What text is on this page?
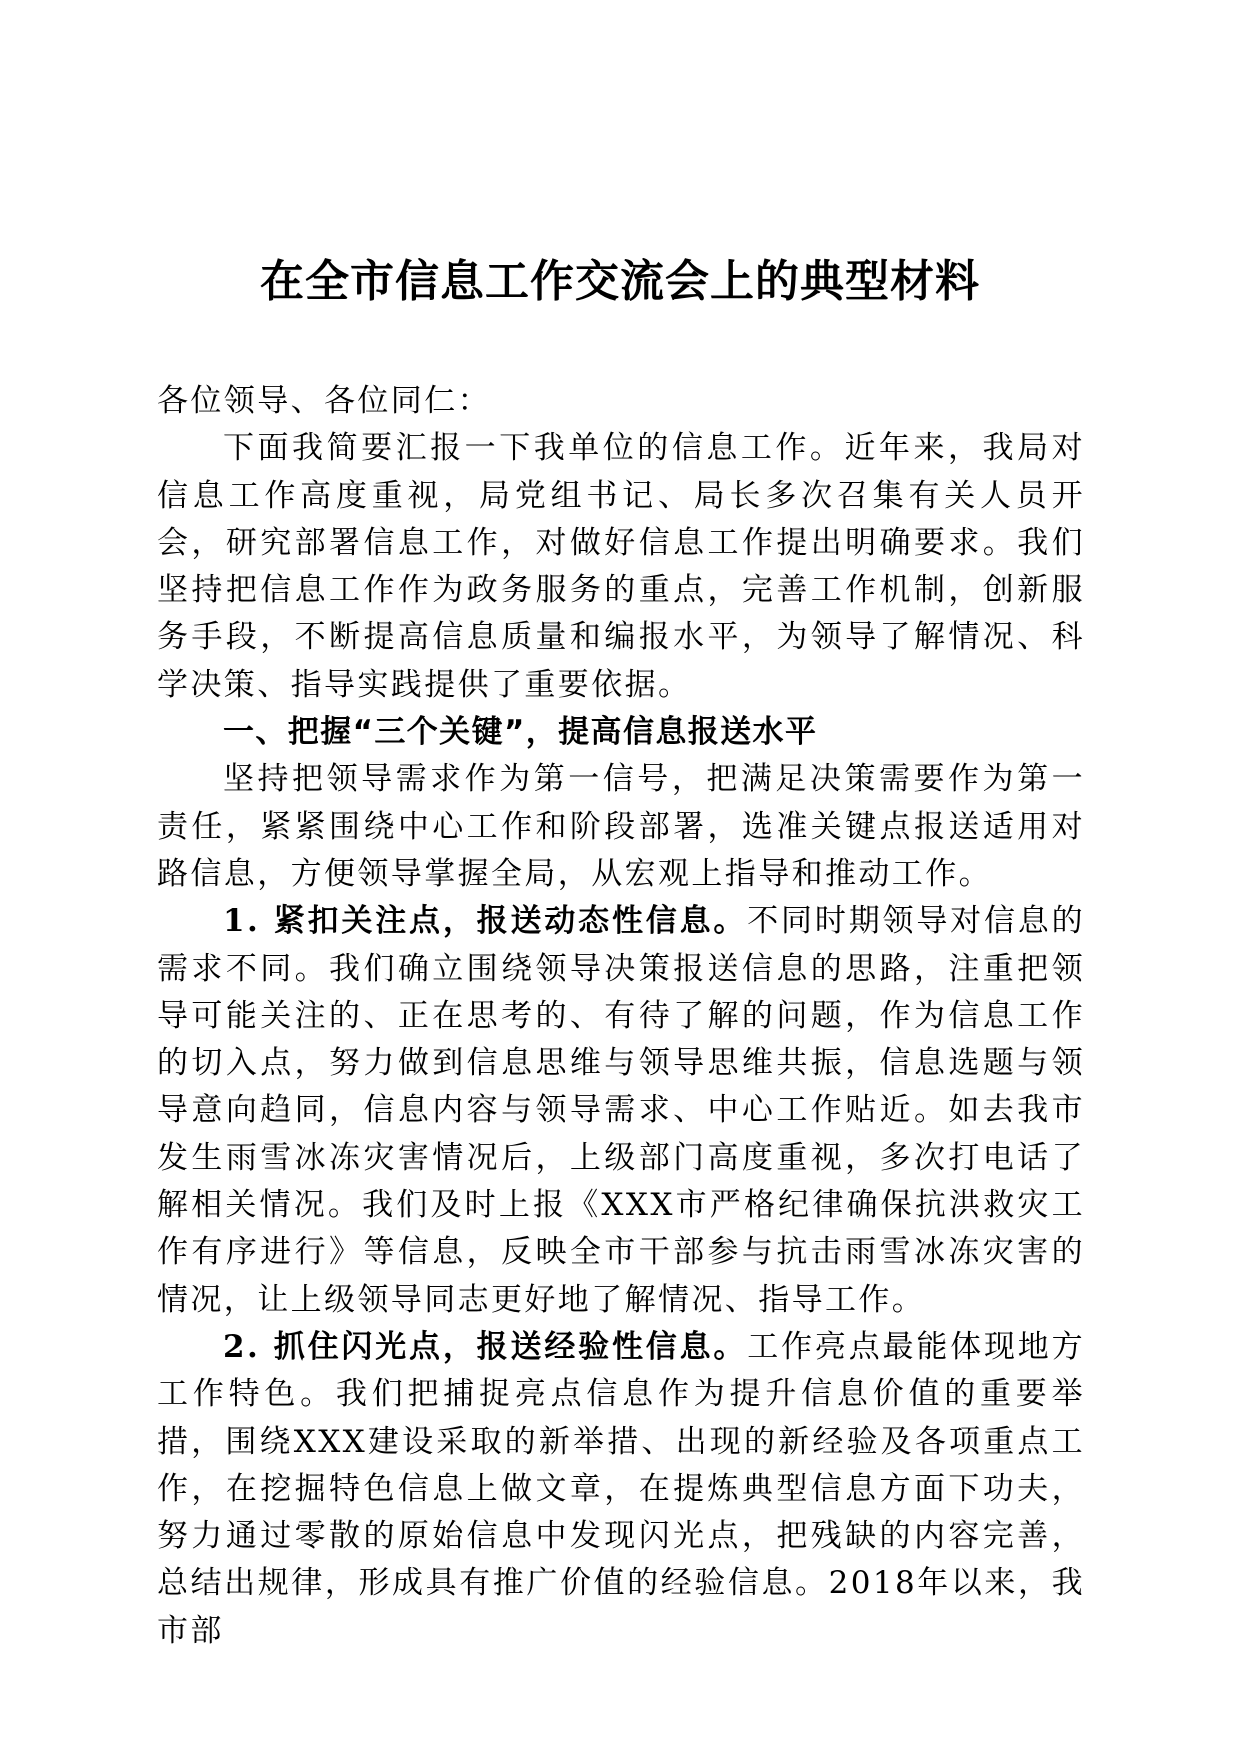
在全市信息工作交流会上的典型材料

各位领导、各位同仁：

下面我简要汇报一下我单位的信息工作。近年来，我局对信息工作高度重视，局党组书记、局长多次召集有关人员开会，研究部署信息工作，对做好信息工作提出明确要求。我们坚持把信息工作作为政务服务的重点，完善工作机制，创新服务手段，不断提高信息质量和编报水平，为领导了解情况、科学决策、指导实践提供了重要依据。

一、把握“三个关键”，提高信息报送水平

坚持把领导需求作为第一信号，把满足决策需要作为第一责任，紧紧围绕中心工作和阶段部署，选准关键点报送适用对路信息，方便领导掌握全局，从宏观上指导和推动工作。

1. 紧扣关注点，报送动态性信息。不同时期领导对信息的需求不同。我们确立围绕领导决策报送信息的思路，注重把领导可能关注的、正在思考的、有待了解的问题，作为信息工作的切入点，努力做到信息思维与领导思维共振，信息选题与领导意向趋同，信息内容与领导需求、中心工作贴近。如去我市发生雨雪冰冻灾害情况后，上级部门高度重视，多次打电话了解相关情况。我们及时上报《XXX市严格纪律确保抗洪救灾工作有序进行》等信息，反映全市干部参与抗击雨雪冰冻灾害的情况，让上级领导同志更好地了解情况、指导工作。

2. 抓住闪光点，报送经验性信息。工作亮点最能体现地方工作特色。我们把捕捉亮点信息作为提升信息价值的重要举措，围绕XXX建设采取的新举措、出现的新经验及各项重点工作，在挖掘特色信息上做文章，在提炼典型信息方面下功夫，努力通过零散的原始信息中发现闪光点，把残缺的内容完善，总结出规律，形成具有推广价值的经验信息。2018年以来，我市部
